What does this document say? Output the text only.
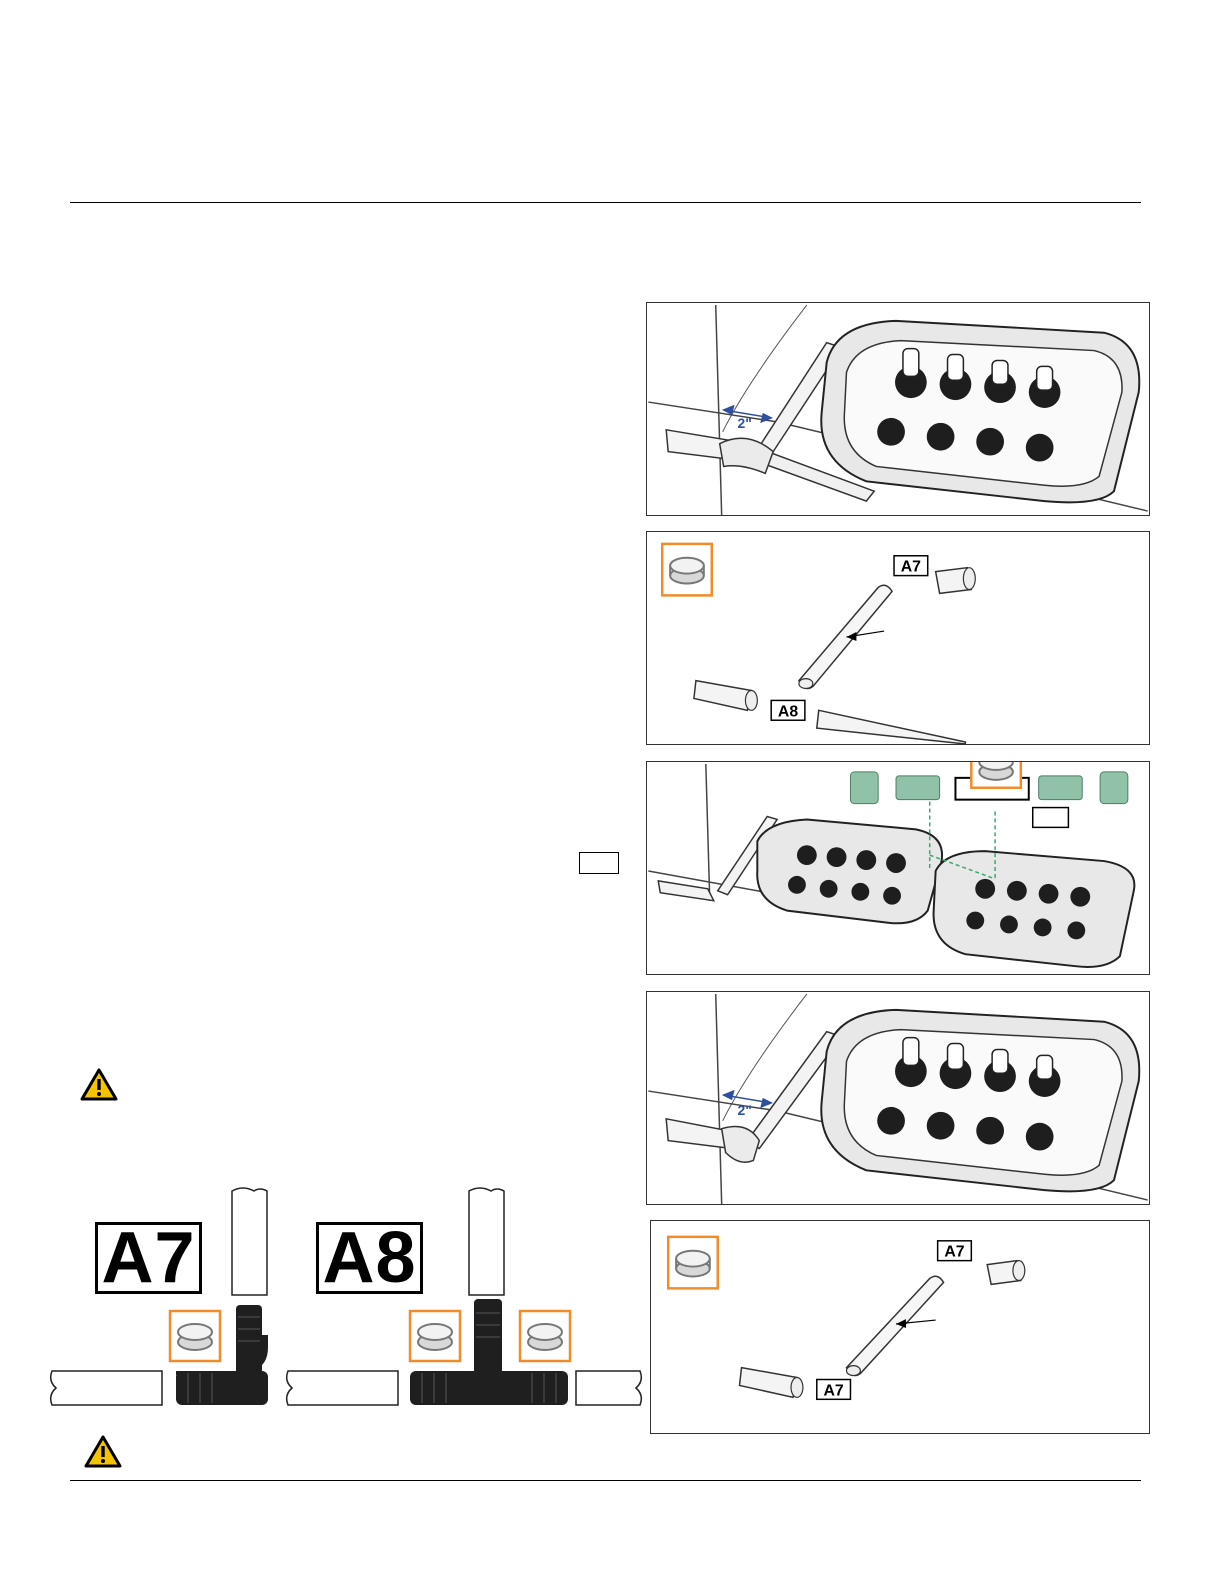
2"
A7
A8
2"
A7
A7
A7 A8
